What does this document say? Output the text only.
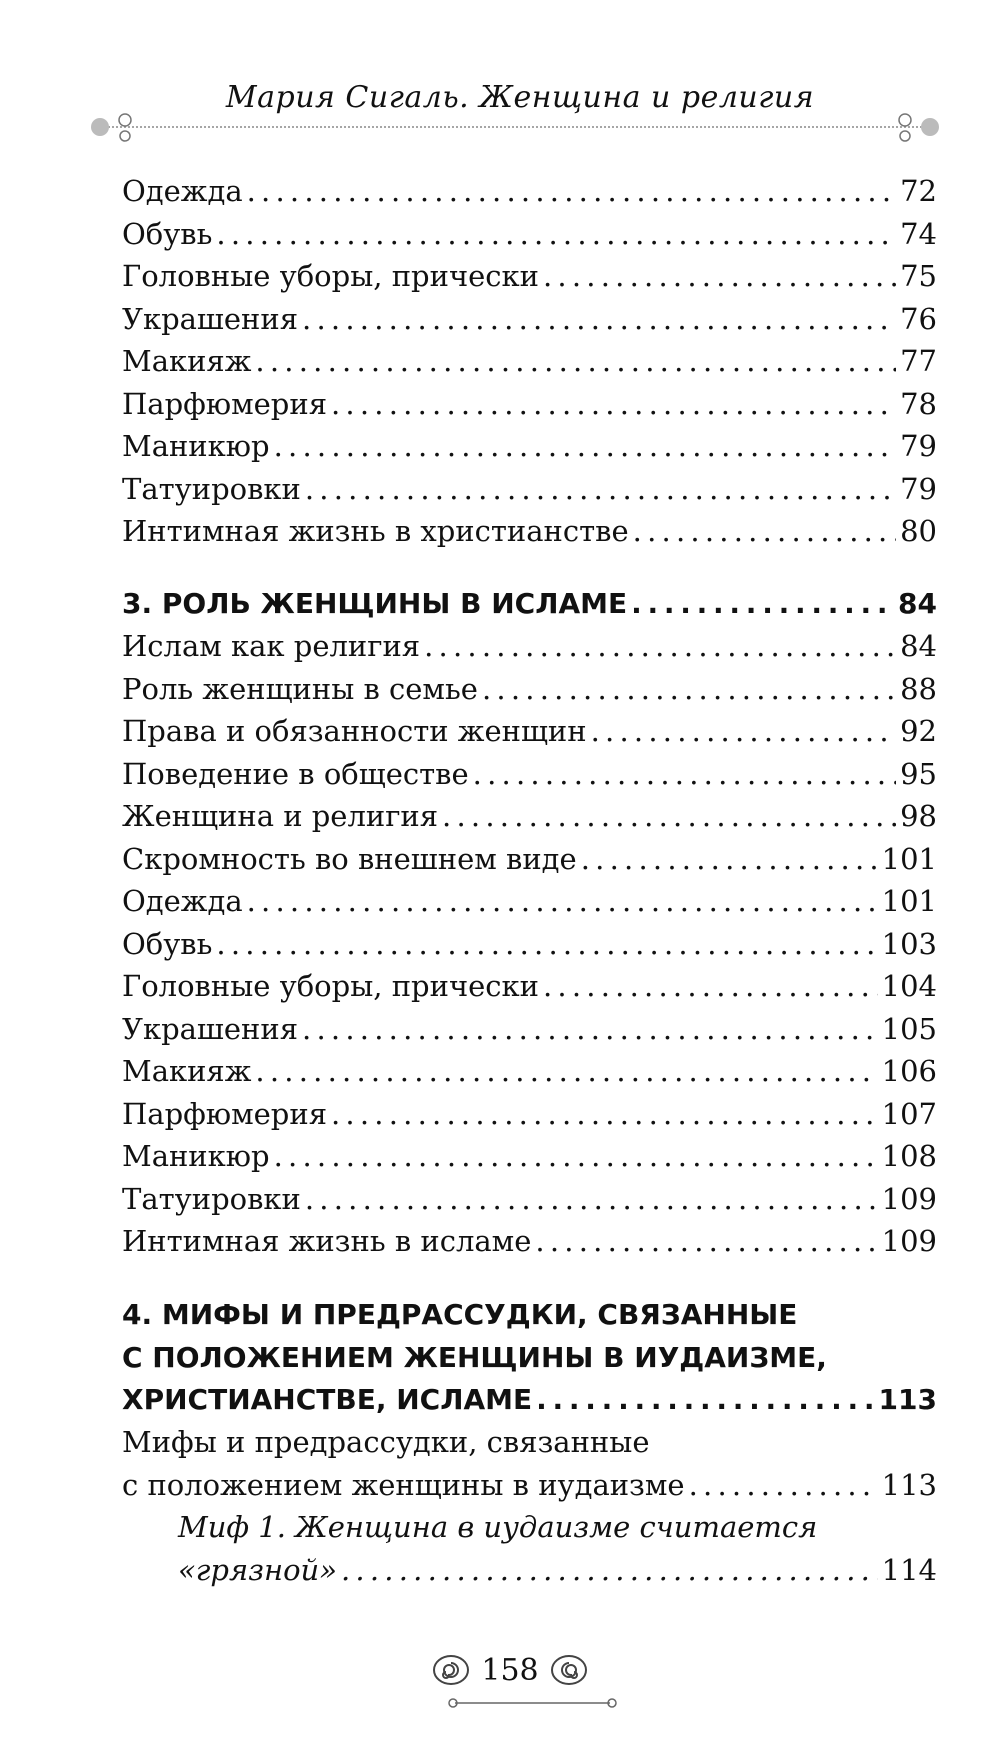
Мария Сигаль. Женщина и религия
Одежда . . .	72
Обувь . . .	74
Головные уборы, прически . . .	75
Украшения . . .	76
Макияж . . .	77
Парфюмерия . . .	78
Маникюр . . .	79
Татуировки . . .	79
Интимная жизнь в христианстве . . .	80
3. РОЛЬ ЖЕНЩИНЫ В ИСЛАМЕ . . .	84
Ислам как религия . . .	84
Роль женщины в семье . . .	88
Права и обязанности женщин . . .	92
Поведение в обществе . . .	95
Женщина и религия . . .	98
Скромность во внешнем виде . . .	101
Одежда . . .	101
Обувь . . .	103
Головные уборы, прически . . .	104
Украшения . . .	105
Макияж . . .	106
Парфюмерия . . .	107
Маникюр . . .	108
Татуировки . . .	109
Интимная жизнь в исламе . . .	109
4. МИФЫ И ПРЕДРАССУДКИ, СВЯЗАННЫЕ
С ПОЛОЖЕНИЕМ ЖЕНЩИНЫ В ИУДАИЗМЕ,
ХРИСТИАНСТВЕ, ИСЛАМЕ . . .	113
Мифы и предрассудки, связанные
с положением женщины в иудаизме . . .	113
Миф 1. Женщина в иудаизме считается
«грязной» . . .	114
158
